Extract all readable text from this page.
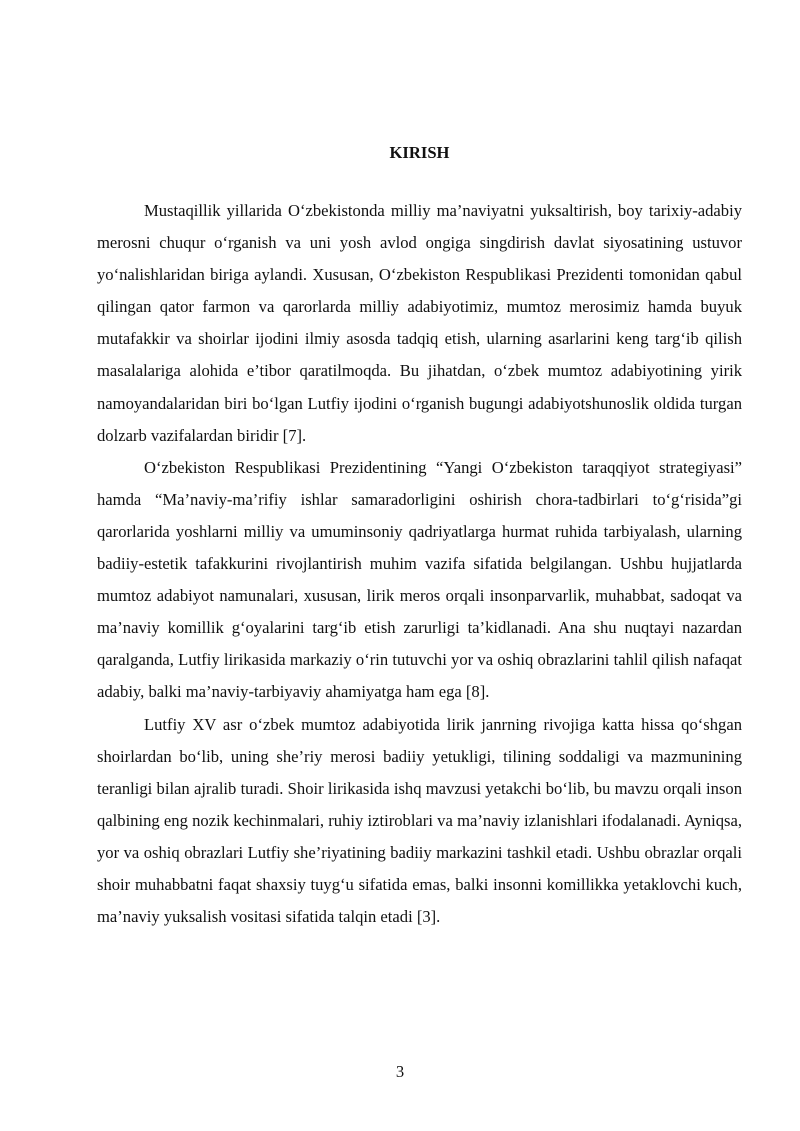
KIRISH

Mustaqillik yillarida O‘zbekistonda milliy ma’naviyatni yuksaltirish, boy tarixiy-adabiy merosni chuqur o‘rganish va uni yosh avlod ongiga singdirish davlat siyosatining ustuvor yo‘nalishlaridan biriga aylandi. Xususan, O‘zbekiston Respublikasi Prezidenti tomonidan qabul qilingan qator farmon va qarorlarda milliy adabiyotimiz, mumtoz merosimiz hamda buyuk mutafakkir va shoirlar ijodini ilmiy asosda tadqiq etish, ularning asarlarini keng targ‘ib qilish masalalariga alohida e’tibor qaratilmoqda. Bu jihatdan, o‘zbek mumtoz adabiyotining yirik namoyandalaridan biri bo‘lgan Lutfiy ijodini o‘rganish bugungi adabiyotshunoslik oldida turgan dolzarb vazifalardan biridir [7].

O‘zbekiston Respublikasi Prezidentining “Yangi O‘zbekiston taraqqiyot strategiyasi” hamda “Ma’naviy-ma’rifiy ishlar samaradorligini oshirish chora-tadbirlari to‘g‘risida”gi qarorlarida yoshlarni milliy va umuminsoniy qadriyatlarga hurmat ruhida tarbiyalash, ularning badiiy-estetik tafakkurini rivojlantirish muhim vazifa sifatida belgilangan. Ushbu hujjatlarda mumtoz adabiyot namunalari, xususan, lirik meros orqali insonparvarlik, muhabbat, sadoqat va ma’naviy komillik g‘oyalarini targ‘ib etish zarurligi ta’kidlanadi. Ana shu nuqtayi nazardan qaralganda, Lutfiy lirikasida markaziy o‘rin tutuvchi yor va oshiq obrazlarini tahlil qilish nafaqat adabiy, balki ma’naviy-tarbiyaviy ahamiyatga ham ega [8].

Lutfiy XV asr o‘zbek mumtoz adabiyotida lirik janrning rivojiga katta hissa qo‘shgan shoirlardan bo‘lib, uning she’riy merosi badiiy yetukligi, tilining soddaligi va mazmunining teranligi bilan ajralib turadi. Shoir lirikasida ishq mavzusi yetakchi bo‘lib, bu mavzu orqali inson qalbining eng nozik kechinmalari, ruhiy iztiroblari va ma’naviy izlanishlari ifodalanadi. Ayniqsa, yor va oshiq obrazlari Lutfiy she’riyatining badiiy markazini tashkil etadi. Ushbu obrazlar orqali shoir muhabbatni faqat shaxsiy tuyg‘u sifatida emas, balki insonni komillikka yetaklovchi kuch, ma’naviy yuksalish vositasi sifatida talqin etadi [3].

3
